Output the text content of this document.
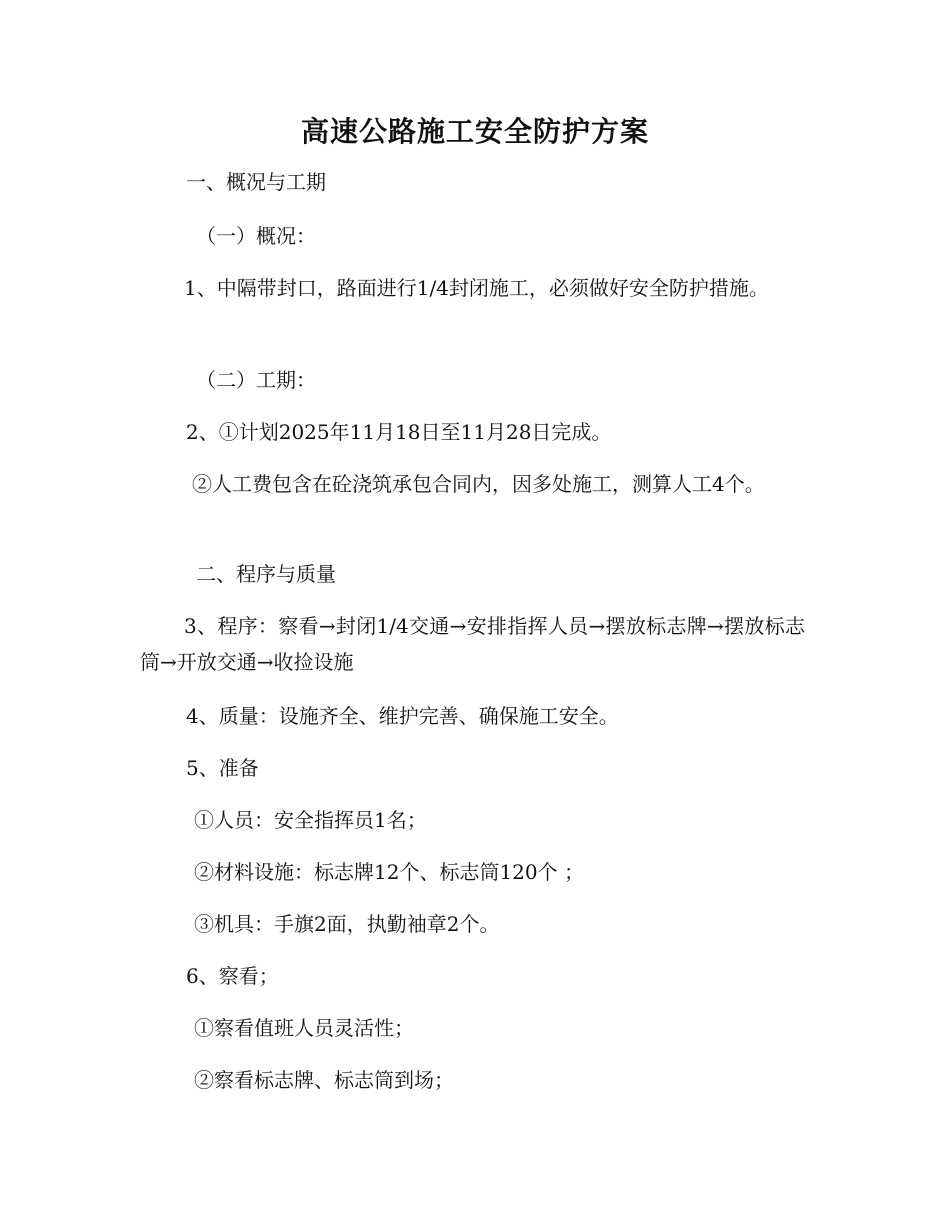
高速公路施工安全防护方案
一、概况与工期
（一）概况：
1、中隔带封口，路面进行1/4封闭施工，必须做好安全防护措施。
（二）工期：
2、①计划2025年11月18日至11月28日完成。
②人工费包含在砼浇筑承包合同内，因多处施工，测算人工4个。
二、程序与质量
3、程序：察看→封闭1/4交通→安排指挥人员→摆放标志牌→摆放标志筒→开放交通→收捡设施
4、质量：设施齐全、维护完善、确保施工安全。
5、准备
①人员：安全指挥员1名；
②材料设施：标志牌12个、标志筒120个 ；
③机具：手旗2面，执勤袖章2个。
6、察看；
①察看值班人员灵活性；
②察看标志牌、标志筒到场；
